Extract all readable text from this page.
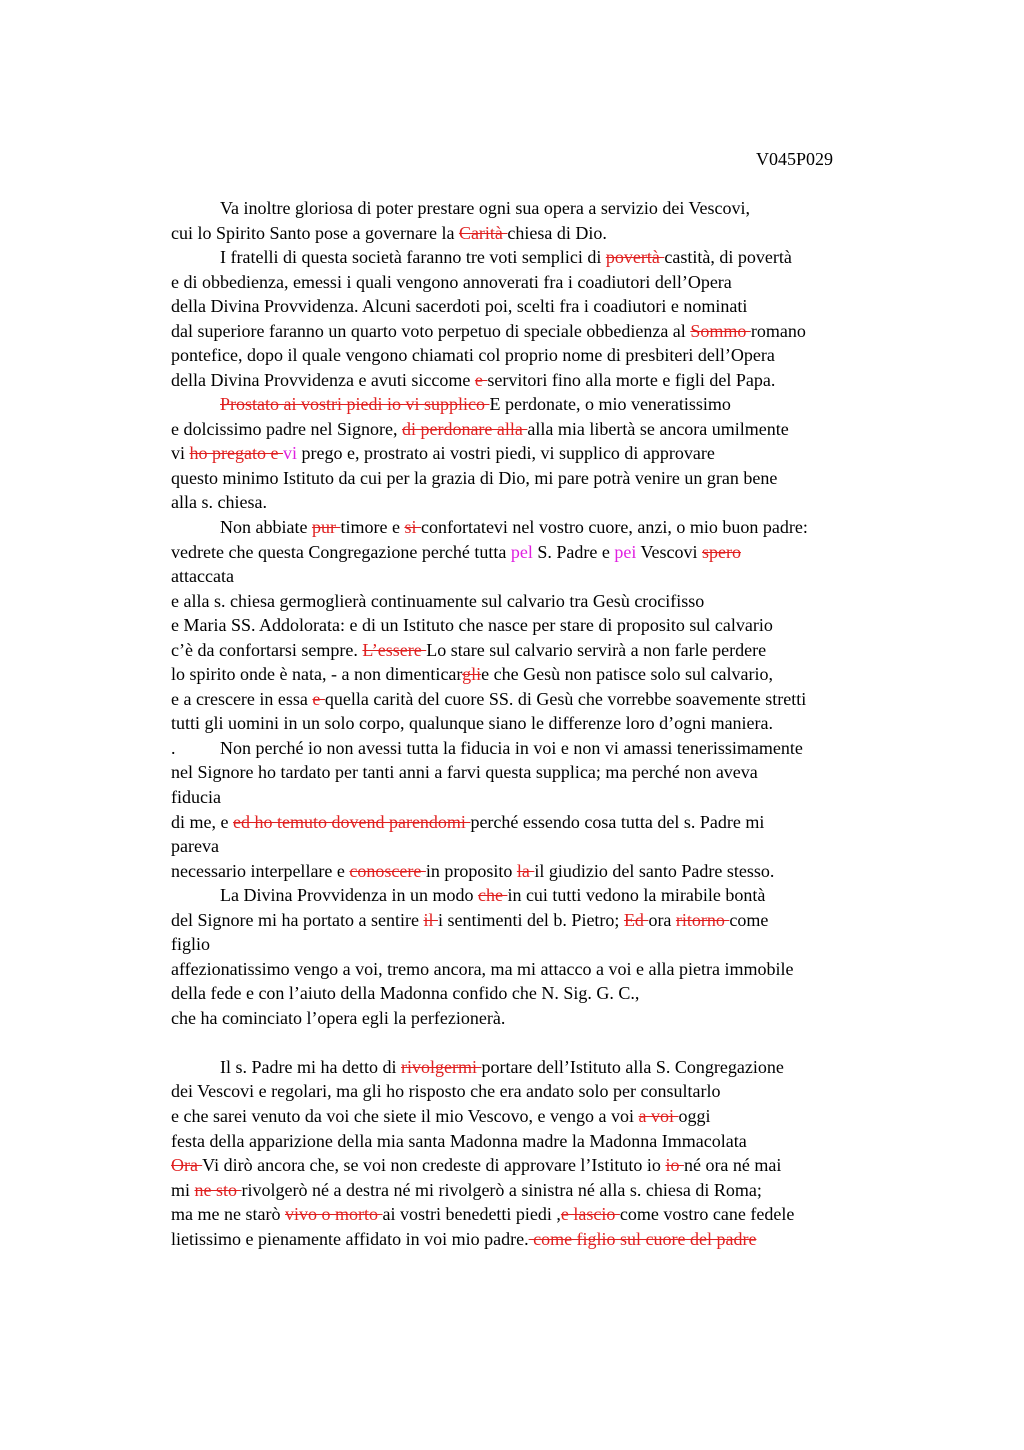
V045P029
Va inoltre gloriosa di poter prestare ogni sua opera a servizio dei Vescovi,
cui lo Spirito Santo pose a governare la Carità chiesa di Dio.
I fratelli di questa società faranno tre voti semplici di povertà castità, di povertà
e di obbedienza, emessi i quali vengono annoverati fra i coadiutori dell’Opera
della Divina Provvidenza. Alcuni sacerdoti poi, scelti fra i coadiutori e nominati
dal superiore faranno un quarto voto perpetuo di speciale obbedienza al Sommo romano
pontefice, dopo il quale vengono chiamati col proprio nome di presbiteri dell’Opera
della Divina Provvidenza e avuti siccome e servitori fino alla morte e figli del Papa.
Prostato ai vostri piedi io vi supplico E perdonate, o mio veneratissimo
e dolcissimo padre nel Signore, di perdonare alla alla mia libertà se ancora umilmente
vi ho pregato e vi prego e, prostrato ai vostri piedi, vi supplico di approvare
questo minimo Istituto da cui per la grazia di Dio, mi pare potrà venire un gran bene
alla s. chiesa.
Non abbiate pur timore e si confortatevi nel vostro cuore, anzi, o mio buon padre:
vedrete che questa Congregazione perché tutta pel S. Padre e pei Vescovi spero
attaccata
e alla s. chiesa germoglierà continuamente sul calvario tra Gesù crocifisso
e Maria SS. Addolorata: e di un Istituto che nasce per stare di proposito sul calvario
c’è da confortarsi sempre. L’essere Lo stare sul calvario servirà a non farle perdere
lo spirito onde è nata, - a non dimenticarglie che Gesù non patisce solo sul calvario,
e a crescere in essa e quella carità del cuore SS. di Gesù che vorrebbe soavemente stretti
tutti gli uomini in un solo corpo, qualunque siano le differenze loro d’ogni maniera.
. Non perché io non avessi tutta la fiducia in voi e non vi amassi tenerissimamente
nel Signore ho tardato per tanti anni a farvi questa supplica; ma perché non aveva
fiducia
di me, e ed ho temuto dovend parendomi perché essendo cosa tutta del s. Padre mi
pareva
necessario interpellare e conoscere in proposito la il giudizio del santo Padre stesso.
La Divina Provvidenza in un modo che in cui tutti vedono la mirabile bontà
del Signore mi ha portato a sentire il i sentimenti del b. Pietro; Ed ora ritorno come
figlio
affezionatissimo vengo a voi, tremo ancora, ma mi attacco a voi e alla pietra immobile
della fede e con l’aiuto della Madonna confido che N. Sig. G. C.,
che ha cominciato l’opera egli la perfezionerà.
Il s. Padre mi ha detto di rivolgermi portare dell’Istituto alla S. Congregazione
dei Vescovi e regolari, ma gli ho risposto che era andato solo per consultarlo
e che sarei venuto da voi che siete il mio Vescovo, e vengo a voi a voi oggi
festa della apparizione della mia santa Madonna madre la Madonna Immacolata
Ora Vi dirò ancora che, se voi non credeste di approvare l’Istituto io io né ora né mai
mi ne sto rivolgerò né a destra né mi rivolgerò a sinistra né alla s. chiesa di Roma;
ma me ne starò vivo o morto ai vostri benedetti piedi ,e lascio come vostro cane fedele
lietissimo e pienamente affidato in voi mio padre. come figlio sul cuore del padre
